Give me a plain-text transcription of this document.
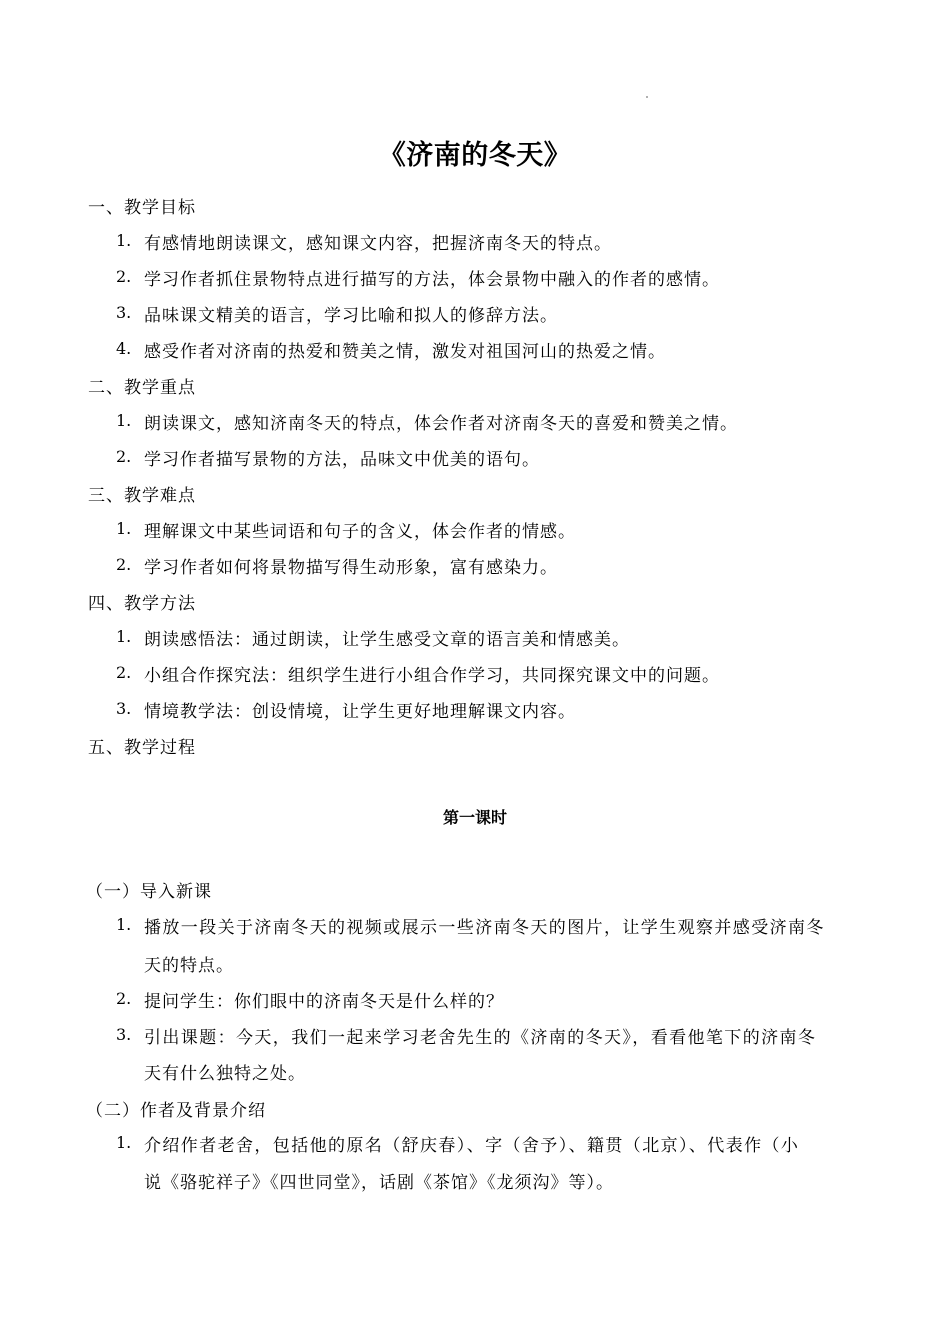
《济南的冬天》
一、教学目标
1. 有感情地朗读课文，感知课文内容，把握济南冬天的特点。
2. 学习作者抓住景物特点进行描写的方法，体会景物中融入的作者的感情。
3. 品味课文精美的语言，学习比喻和拟人的修辞方法。
4. 感受作者对济南的热爱和赞美之情，激发对祖国河山的热爱之情。
二、教学重点
1. 朗读课文，感知济南冬天的特点，体会作者对济南冬天的喜爱和赞美之情。
2. 学习作者描写景物的方法，品味文中优美的语句。
三、教学难点
1. 理解课文中某些词语和句子的含义，体会作者的情感。
2. 学习作者如何将景物描写得生动形象，富有感染力。
四、教学方法
1. 朗读感悟法：通过朗读，让学生感受文章的语言美和情感美。
2. 小组合作探究法：组织学生进行小组合作学习，共同探究课文中的问题。
3. 情境教学法：创设情境，让学生更好地理解课文内容。
五、教学过程
第一课时
（一）导入新课
1. 播放一段关于济南冬天的视频或展示一些济南冬天的图片，让学生观察并感受济南冬
天的特点。
2. 提问学生：你们眼中的济南冬天是什么样的？
3. 引出课题：今天，我们一起来学习老舍先生的《济南的冬天》，看看他笔下的济南冬
天有什么独特之处。
（二）作者及背景介绍
1. 介绍作者老舍，包括他的原名（舒庆春）、字（舍予）、籍贯（北京）、代表作（小
说《骆驼祥子》《四世同堂》，话剧《茶馆》《龙须沟》等）。
